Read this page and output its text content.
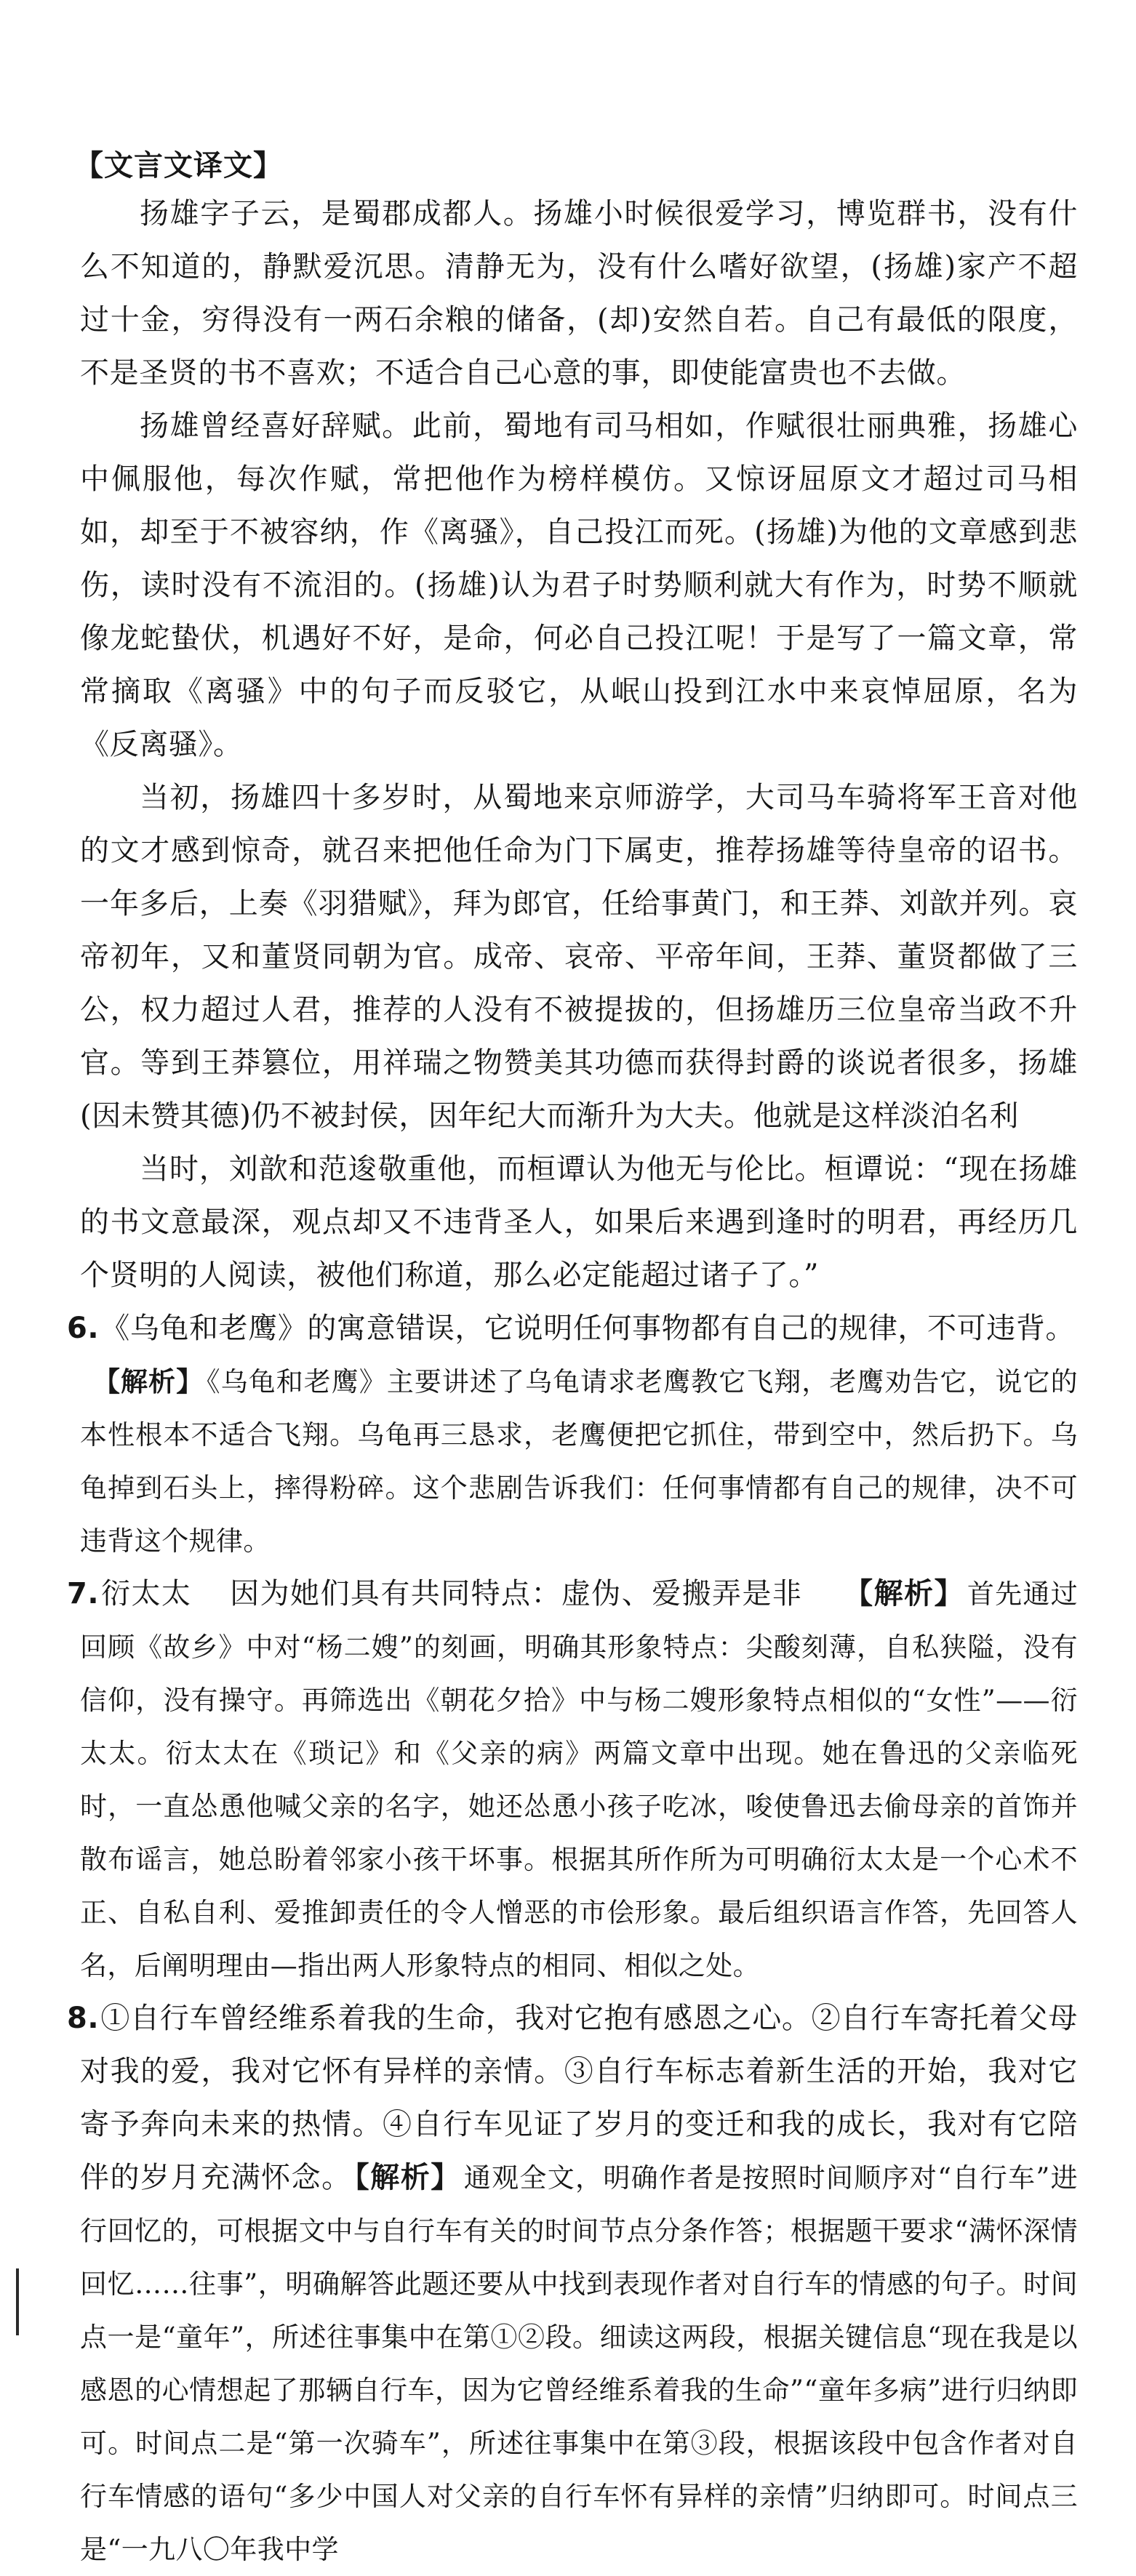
【文言文译文】

扬雄字子云，是蜀郡成都人。扬雄小时候很爱学习，博览群书，没有什么不知道的，静默爱沉思。清静无为，没有什么嗜好欲望，(扬雄)家产不超过十金，穷得没有一两石余粮的储备，(却)安然自若。自己有最低的限度，不是圣贤的书不喜欢；不适合自己心意的事，即使能富贵也不去做。

扬雄曾经喜好辞赋。此前，蜀地有司马相如，作赋很壮丽典雅，扬雄心中佩服他，每次作赋，常把他作为榜样模仿。又惊讶屈原文才超过司马相如，却至于不被容纳，作《离骚》，自己投江而死。(扬雄)为他的文章感到悲伤，读时没有不流泪的。(扬雄)认为君子时势顺利就大有作为，时势不顺就像龙蛇蛰伏，机遇好不好，是命，何必自己投江呢！于是写了一篇文章，常常摘取《离骚》中的句子而反驳它，从岷山投到江水中来哀悼屈原，名为《反离骚》。

当初，扬雄四十多岁时，从蜀地来京师游学，大司马车骑将军王音对他的文才感到惊奇，就召来把他任命为门下属吏，推荐扬雄等待皇帝的诏书。一年多后，上奏《羽猎赋》，拜为郎官，任给事黄门，和王莽、刘歆并列。哀帝初年，又和董贤同朝为官。成帝、哀帝、平帝年间，王莽、董贤都做了三公，权力超过人君，推荐的人没有不被提拔的，但扬雄历三位皇帝当政不升官。等到王莽篡位，用祥瑞之物赞美其功德而获得封爵的谈说者很多，扬雄(因未赞其德)仍不被封侯，因年纪大而渐升为大夫。他就是这样淡泊名利

当时，刘歆和范逡敬重他，而桓谭认为他无与伦比。桓谭说：“现在扬雄的书文意最深，观点却又不违背圣人，如果后来遇到逢时的明君，再经历几个贤明的人阅读，被他们称道，那么必定能超过诸子了。”

6.《乌龟和老鹰》的寓意错误，它说明任何事物都有自己的规律，不可违背。

【解析】 《乌龟和老鹰》主要讲述了乌龟请求老鹰教它飞翔，老鹰劝告它，说它的本性根本不适合飞翔。乌龟再三恳求，老鹰便把它抓住，带到空中，然后扔下。乌龟掉到石头上，摔得粉碎。这个悲剧告诉我们：任何事情都有自己的规律，决不可违背这个规律。

7.衍太太 因为她们具有共同特点：虚伪、爱搬弄是非 【解析】 首先通过回顾《故乡》中对“杨二嫂”的刻画，明确其形象特点：尖酸刻薄，自私狭隘，没有信仰，没有操守。再筛选出《朝花夕拾》中与杨二嫂形象特点相似的“女性”——衍太太。衍太太在《琐记》和《父亲的病》两篇文章中出现。她在鲁迅的父亲临死时，一直怂恿他喊父亲的名字，她还怂恿小孩子吃冰，唆使鲁迅去偷母亲的首饰并散布谣言，她总盼着邻家小孩干坏事。根据其所作所为可明确衍太太是一个心术不正、自私自利、爱推卸责任的令人憎恶的市侩形象。最后组织语言作答，先回答人名，后阐明理由—指出两人形象特点的相同、相似之处。

8.①自行车曾经维系着我的生命，我对它抱有感恩之心。②自行车寄托着父母对我的爱，我对它怀有异样的亲情。③自行车标志着新生活的开始，我对它寄予奔向未来的热情。④自行车见证了岁月的变迁和我的成长，我对有它陪伴的岁月充满怀念。 【解析】 通观全文，明确作者是按照时间顺序对“自行车”进行回忆的，可根据文中与自行车有关的时间节点分条作答；根据题干要求“满怀深情回忆……往事”，明确解答此题还要从中找到表现作者对自行车的情感的句子。时间点一是“童年”，所述往事集中在第①②段。细读这两段，根据关键信息“现在我是以感恩的心情想起了那辆自行车，因为它曾经维系着我的生命”“童年多病”进行归纳即可。时间点二是“第一次骑车”，所述往事集中在第③段，根据该段中包含作者对自行车情感的语句“多少中国人对父亲的自行车怀有异样的亲情”归纳即可。时间点三是“一九八〇年我中学
